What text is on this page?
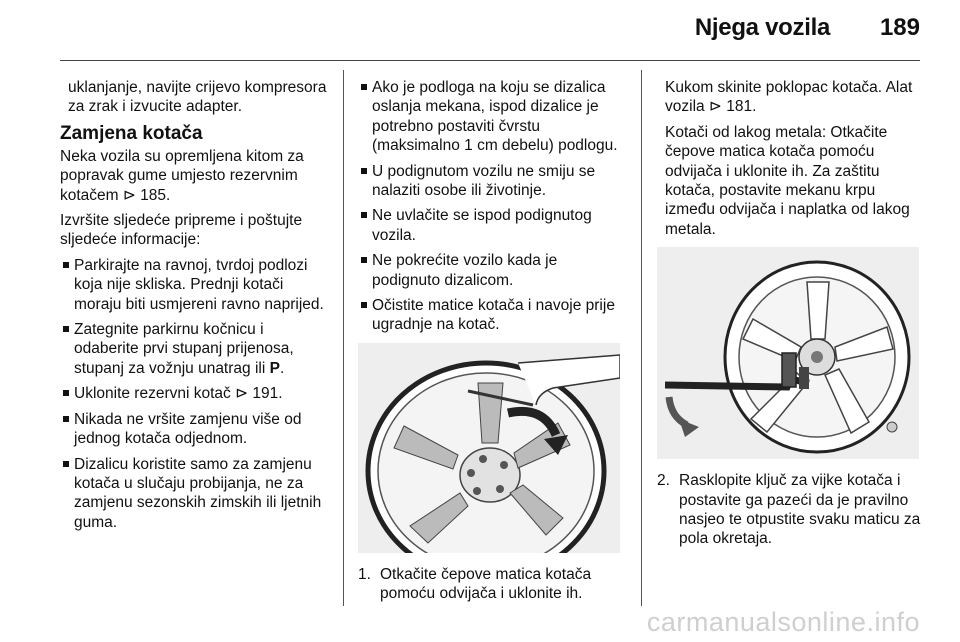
Njega vozila 189

uklanjanje, navijte crijevo kompresora za zrak i izvucite adapter.

Zamjena kotača

Neka vozila su opremljena kitom za popravak gume umjesto rezervnim kotačem ⊳ 185.

Izvršite sljedeće pripreme i poštujte sljedeće informacije:

Parkirajte na ravnoj, tvrdoj podlozi koja nije skliska. Prednji kotači moraju biti usmjereni ravno naprijed.
Zategnite parkirnu kočnicu i odaberite prvi stupanj prijenosa, stupanj za vožnju unatrag ili P.
Uklonite rezervni kotač ⊳ 191.
Nikada ne vršite zamjenu više od jednog kotača odjednom.
Dizalicu koristite samo za zamjenu kotača u slučaju probijanja, ne za zamjenu sezonskih zimskih ili ljetnih guma.
Ako je podloga na koju se dizalica oslanja mekana, ispod dizalice je potrebno postaviti čvrstu (maksimalno 1 cm debelu) podlogu.
U podignutom vozilu ne smiju se nalaziti osobe ili životinje.
Ne uvlačite se ispod podignutog vozila.
Ne pokrećite vozilo kada je podignuto dizalicom.
Očistite matice kotača i navoje prije ugradnje na kotač.
1. Otkačite čepove matica kotača pomoću odvijača i uklonite ih.

Kukom skinite poklopac kotača. Alat vozila ⊳ 181.

Kotači od lakog metala: Otkačite čepove matica kotača pomoću odvijača i uklonite ih. Za zaštitu kotača, postavite mekanu krpu između odvijača i naplatka od lakog metala.

2. Rasklopite ključ za vijke kotača i postavite ga pazeći da je pravilno nasjeo te otpustite svaku maticu za pola okretaja.
carmanualsonline.info
